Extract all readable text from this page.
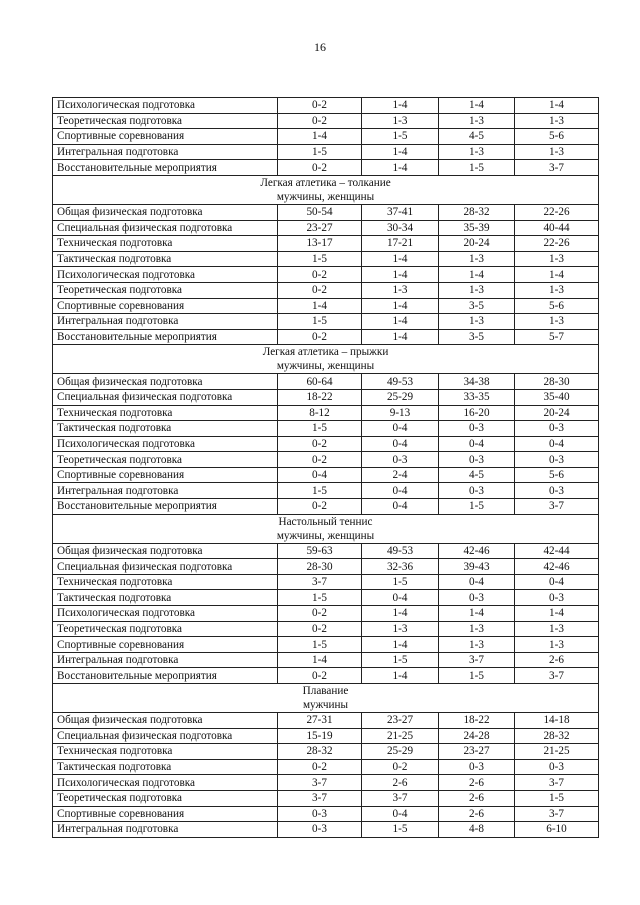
16
Психологическая подготовка	0-2	1-4	1-4	1-4
Теоретическая подготовка	0-2	1-3	1-3	1-3
Спортивные соревнования	1-4	1-5	4-5	5-6
Интегральная подготовка	1-5	1-4	1-3	1-3
Восстановительные мероприятия	0-2	1-4	1-5	3-7

Легкая атлетика – толкание
мужчины, женщины				

Общая физическая подготовка	50-54	37-41	28-32	22-26
Специальная физическая подготовка	23-27	30-34	35-39	40-44
Техническая подготовка	13-17	17-21	20-24	22-26
Тактическая подготовка	1-5	1-4	1-3	1-3
Психологическая подготовка	0-2	1-4	1-4	1-4
Теоретическая подготовка	0-2	1-3	1-3	1-3
Спортивные соревнования	1-4	1-4	3-5	5-6
Интегральная подготовка	1-5	1-4	1-3	1-3
Восстановительные мероприятия	0-2	1-4	3-5	5-7

Легкая атлетика – прыжки
мужчины, женщины				

Общая физическая подготовка	60-64	49-53	34-38	28-30
Специальная физическая подготовка	18-22	25-29	33-35	35-40
Техническая подготовка	8-12	9-13	16-20	20-24
Тактическая подготовка	1-5	0-4	0-3	0-3
Психологическая подготовка	0-2	0-4	0-4	0-4
Теоретическая подготовка	0-2	0-3	0-3	0-3
Спортивные соревнования	0-4	2-4	4-5	5-6
Интегральная подготовка	1-5	0-4	0-3	0-3
Восстановительные мероприятия	0-2	0-4	1-5	3-7

Настольный теннис
мужчины, женщины				

Общая физическая подготовка	59-63	49-53	42-46	42-44
Специальная физическая подготовка	28-30	32-36	39-43	42-46
Техническая подготовка	3-7	1-5	0-4	0-4
Тактическая подготовка	1-5	0-4	0-3	0-3
Психологическая подготовка	0-2	1-4	1-4	1-4
Теоретическая подготовка	0-2	1-3	1-3	1-3
Спортивные соревнования	1-5	1-4	1-3	1-3
Интегральная подготовка	1-4	1-5	3-7	2-6
Восстановительные мероприятия	0-2	1-4	1-5	3-7

Плавание
мужчины				

Общая физическая подготовка	27-31	23-27	18-22	14-18
Специальная физическая подготовка	15-19	21-25	24-28	28-32
Техническая подготовка	28-32	25-29	23-27	21-25
Тактическая подготовка	0-2	0-2	0-3	0-3
Психологическая подготовка	3-7	2-6	2-6	3-7
Теоретическая подготовка	3-7	3-7	2-6	1-5
Спортивные соревнования	0-3	0-4	2-6	3-7
Интегральная подготовка	0-3	1-5	4-8	6-10
